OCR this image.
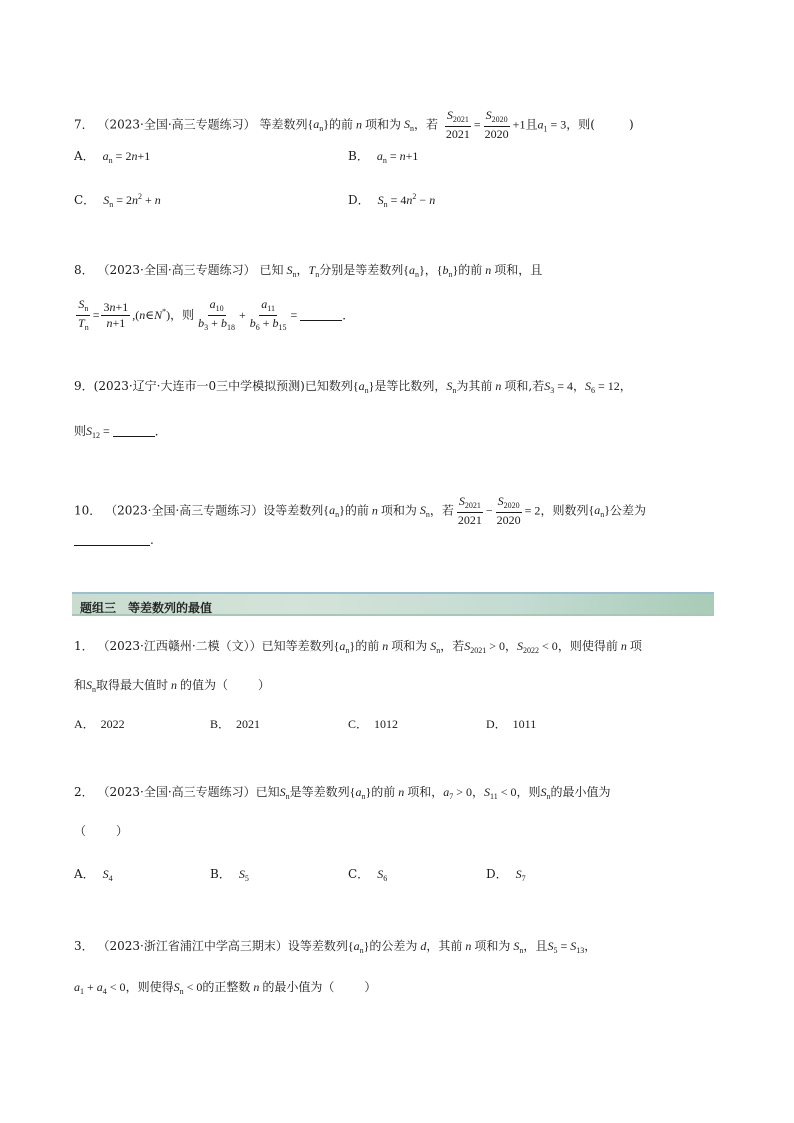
7． （2023·全国·高三专题练习） 等差数列$\{a_n\}$的前 n 项和为 $S_n$，若 $\frac{S_{2021}}{2021} = \frac{S_{2020}}{2020} +1$且$a_1 = 3$，则(	)
A． $a_n = 2n+1$	B． $a_n = n+1$
C． $S_n = 2n^2 + n$	D． $S_n = 4n^2 - n$
8． （2023·全国·高三专题练习） 已知 $S_n$，$T_n$分别是等差数列$\{a_n\}$，$\{b_n\}$的前 n 项和，且
$\frac{S_n}{T_n} = \frac{3n+1}{n+1}$ ,(n∈N*)，则 $\frac{a_{10}}{b_3 + b_{18}} + \frac{a_{11}}{b_6 + b_{15}}$ =	．
9．(2023·辽宁·大连市一0三中学模拟预测)已知数列$\{a_n\}$是等比数列，$S_n$为其前 n 项和,若$S_3 = 4$，$S_6 = 12$，
则$S_{12}$ =	．
10． （2023·全国·高三专题练习）设等差数列$\{a_n\}$的前 n 项和为 $S_n$，若 $\frac{S_{2021}}{2021} - \frac{S_{2020}}{2020} = 2$，则数列$\{a_n\}$公差为
.
题组三　等差数列的最值
1． （2023·江西赣州·二模（文））已知等差数列$\{a_n\}$的前 n 项和为 $S_n$，若$S_{2021} > 0$，$S_{2022} < 0$，则使得前 n 项
和$S_n$取得最大值时 n 的值为（	）
A． 2022	B． 2021	C． 1012	D． 1011
2． （2023·全国·高三专题练习）已知$S_n$是等差数列$\{a_n\}$的前 n 项和，$a_7 > 0$，$S_{11} < 0$，则$S_n$的最小值为
（	）
A． $S_4$	B． $S_5$	C． $S_6$	D． $S_7$
3． （2023·浙江省浦江中学高三期末）设等差数列$\{a_n\}$的公差为 d，其前 n 项和为 $S_n$，且$S_5 = S_{13}$，
$a_1 + a_4 < 0$，则使得$S_n < 0$的正整数 n 的最小值为（	）
